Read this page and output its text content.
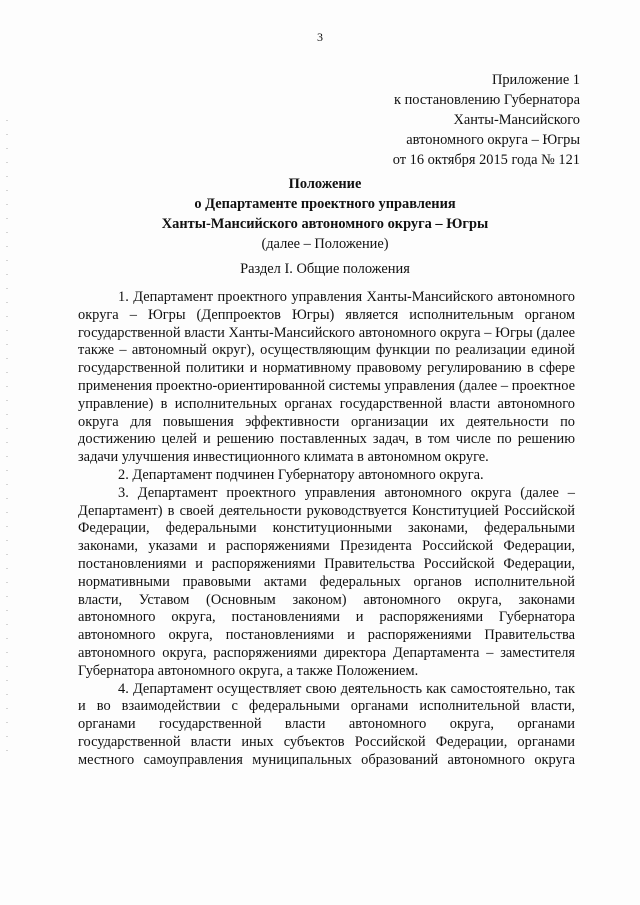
3
Приложение 1
к постановлению Губернатора
Ханты-Мансийского
автономного округа – Югры
от 16 октября 2015 года № 121
Положение
о Департаменте проектного управления
Ханты-Мансийского автономного округа – Югры
(далее – Положение)
Раздел I. Общие положения

1. Департамент проектного управления Ханты-Мансийского автономного округа – Югры (Деппроектов Югры) является исполнительным органом государственной власти Ханты-Мансийского автономного округа – Югры (далее также – автономный округ), осуществляющим функции по реализации единой государственной политики и нормативному правовому регулированию в сфере применения проектно-ориентированной системы управления (далее – проектное управление) в исполнительных органах государственной власти автономного округа для повышения эффективности организации их деятельности по достижению целей и решению поставленных задач, в том числе по решению задачи улучшения инвестиционного климата в автономном округе.

2. Департамент подчинен Губернатору автономного округа.

3. Департамент проектного управления автономного округа (далее – Департамент) в своей деятельности руководствуется Конституцией Российской Федерации, федеральными конституционными законами, федеральными законами, указами и распоряжениями Президента Российской Федерации, постановлениями и распоряжениями Правительства Российской Федерации, нормативными правовыми актами федеральных органов исполнительной власти, Уставом (Основным законом) автономного округа, законами автономного округа, постановлениями и распоряжениями Губернатора автономного округа, постановлениями и распоряжениями Правительства автономного округа, распоряжениями директора Департамента – заместителя Губернатора автономного округа, а также Положением.

4. Департамент осуществляет свою деятельность как самостоятельно, так и во взаимодействии с федеральными органами исполнительной власти, органами государственной власти автономного округа, органами государственной власти иных субъектов Российской Федерации, органами местного самоуправления муниципальных образований автономного округа
